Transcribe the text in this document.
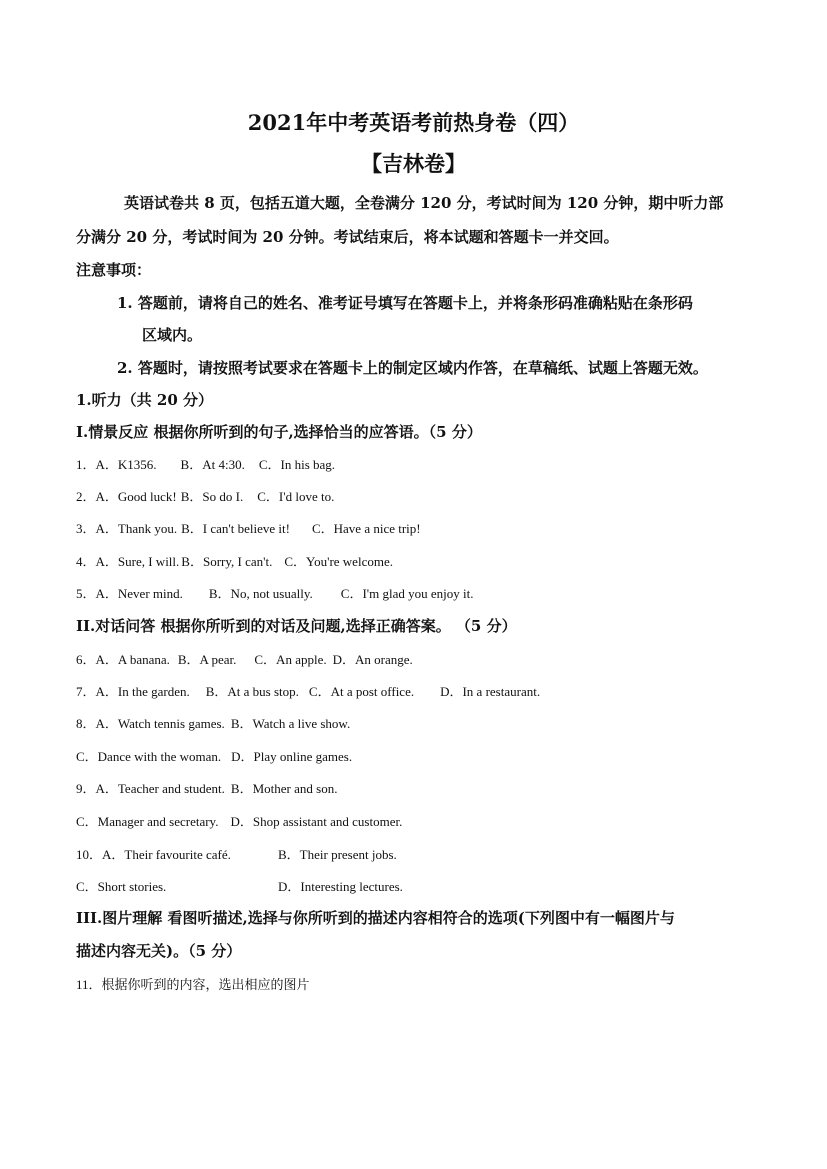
2021年中考英语考前热身卷（四）
【吉林卷】
英语试卷共 8 页，包括五道大题，全卷满分 120 分，考试时间为 120 分钟，期中听力部
分满分 20 分，考试时间为 20 分钟。考试结束后，将本试题和答题卡一并交回。
注意事项：
1. 答题前，请将自己的姓名、准考证号填写在答题卡上，并将条形码准确粘贴在条形码
区域内。
2. 答题时，请按照考试要求在答题卡上的制定区域内作答，在草稿纸、试题上答题无效。
1.听力（共 20 分）
I.情景反应 根据你所听到的句子,选择恰当的应答语。（5 分）
1．A．K1356. B．At 4:30. C．In his bag.
2．A．Good luck! B．So do I. C．I'd love to.
3．A．Thank you. B．I can't believe it! C．Have a nice trip!
4．A．Sure, I will. B．Sorry, I can't. C．You're welcome.
5．A．Never mind. B．No, not usually. C．I'm glad you enjoy it.
II.对话问答 根据你所听到的对话及问题,选择正确答案。 （5 分）
6．A．A banana. B．A pear. C．An apple. D．An orange.
7．A．In the garden. B．At a bus stop. C．At a post office. D．In a restaurant.
8．A．Watch tennis games. B．Watch a live show.
C．Dance with the woman. D．Play online games.
9．A．Teacher and student. B．Mother and son.
C．Manager and secretary. D．Shop assistant and customer.
10．A．Their favourite café.	B．Their present jobs.
C．Short stories.	D．Interesting lectures.
III.图片理解 看图听描述,选择与你所听到的描述内容相符合的选项(下列图中有一幅图片与
描述内容无关)。（5 分）
11．根据你听到的内容，选出相应的图片
